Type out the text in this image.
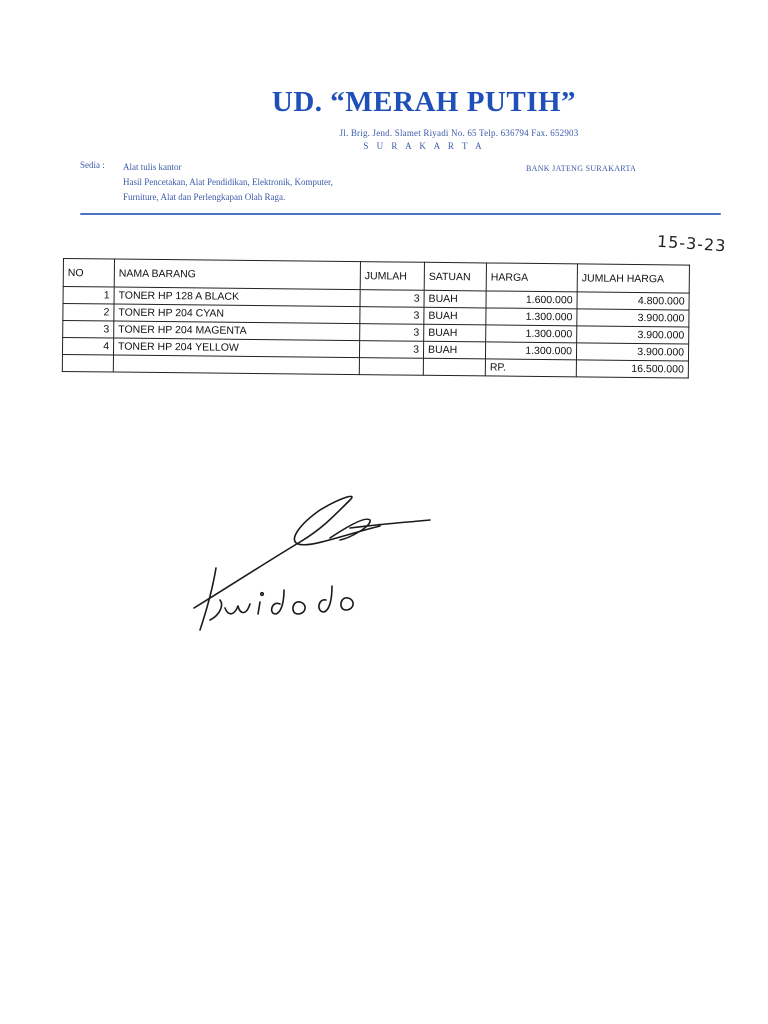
UD. “MERAH PUTIH”
Jl. Brig. Jend. Slamet Riyadi No. 65 Telp. 636794 Fax. 652903
S U R A K A R T A
Sedia : Alat tulis kantor
Hasil Pencetakan, Alat Pendidikan, Elektronik, Komputer,
Furniture, Alat dan Perlengkapan Olah Raga.
BANK JATENG SURAKARTA
15-3-23
NO	NAMA BARANG	JUMLAH	SATUAN	HARGA	JUMLAH HARGA
1	TONER HP 128 A BLACK	3	BUAH	1.600.000	4.800.000
2	TONER HP 204 CYAN	3	BUAH	1.300.000	3.900.000
3	TONER HP 204 MAGENTA	3	BUAH	1.300.000	3.900.000
4	TONER HP 204 YELLOW	3	BUAH	1.300.000	3.900.000
				RP.	16.500.000
